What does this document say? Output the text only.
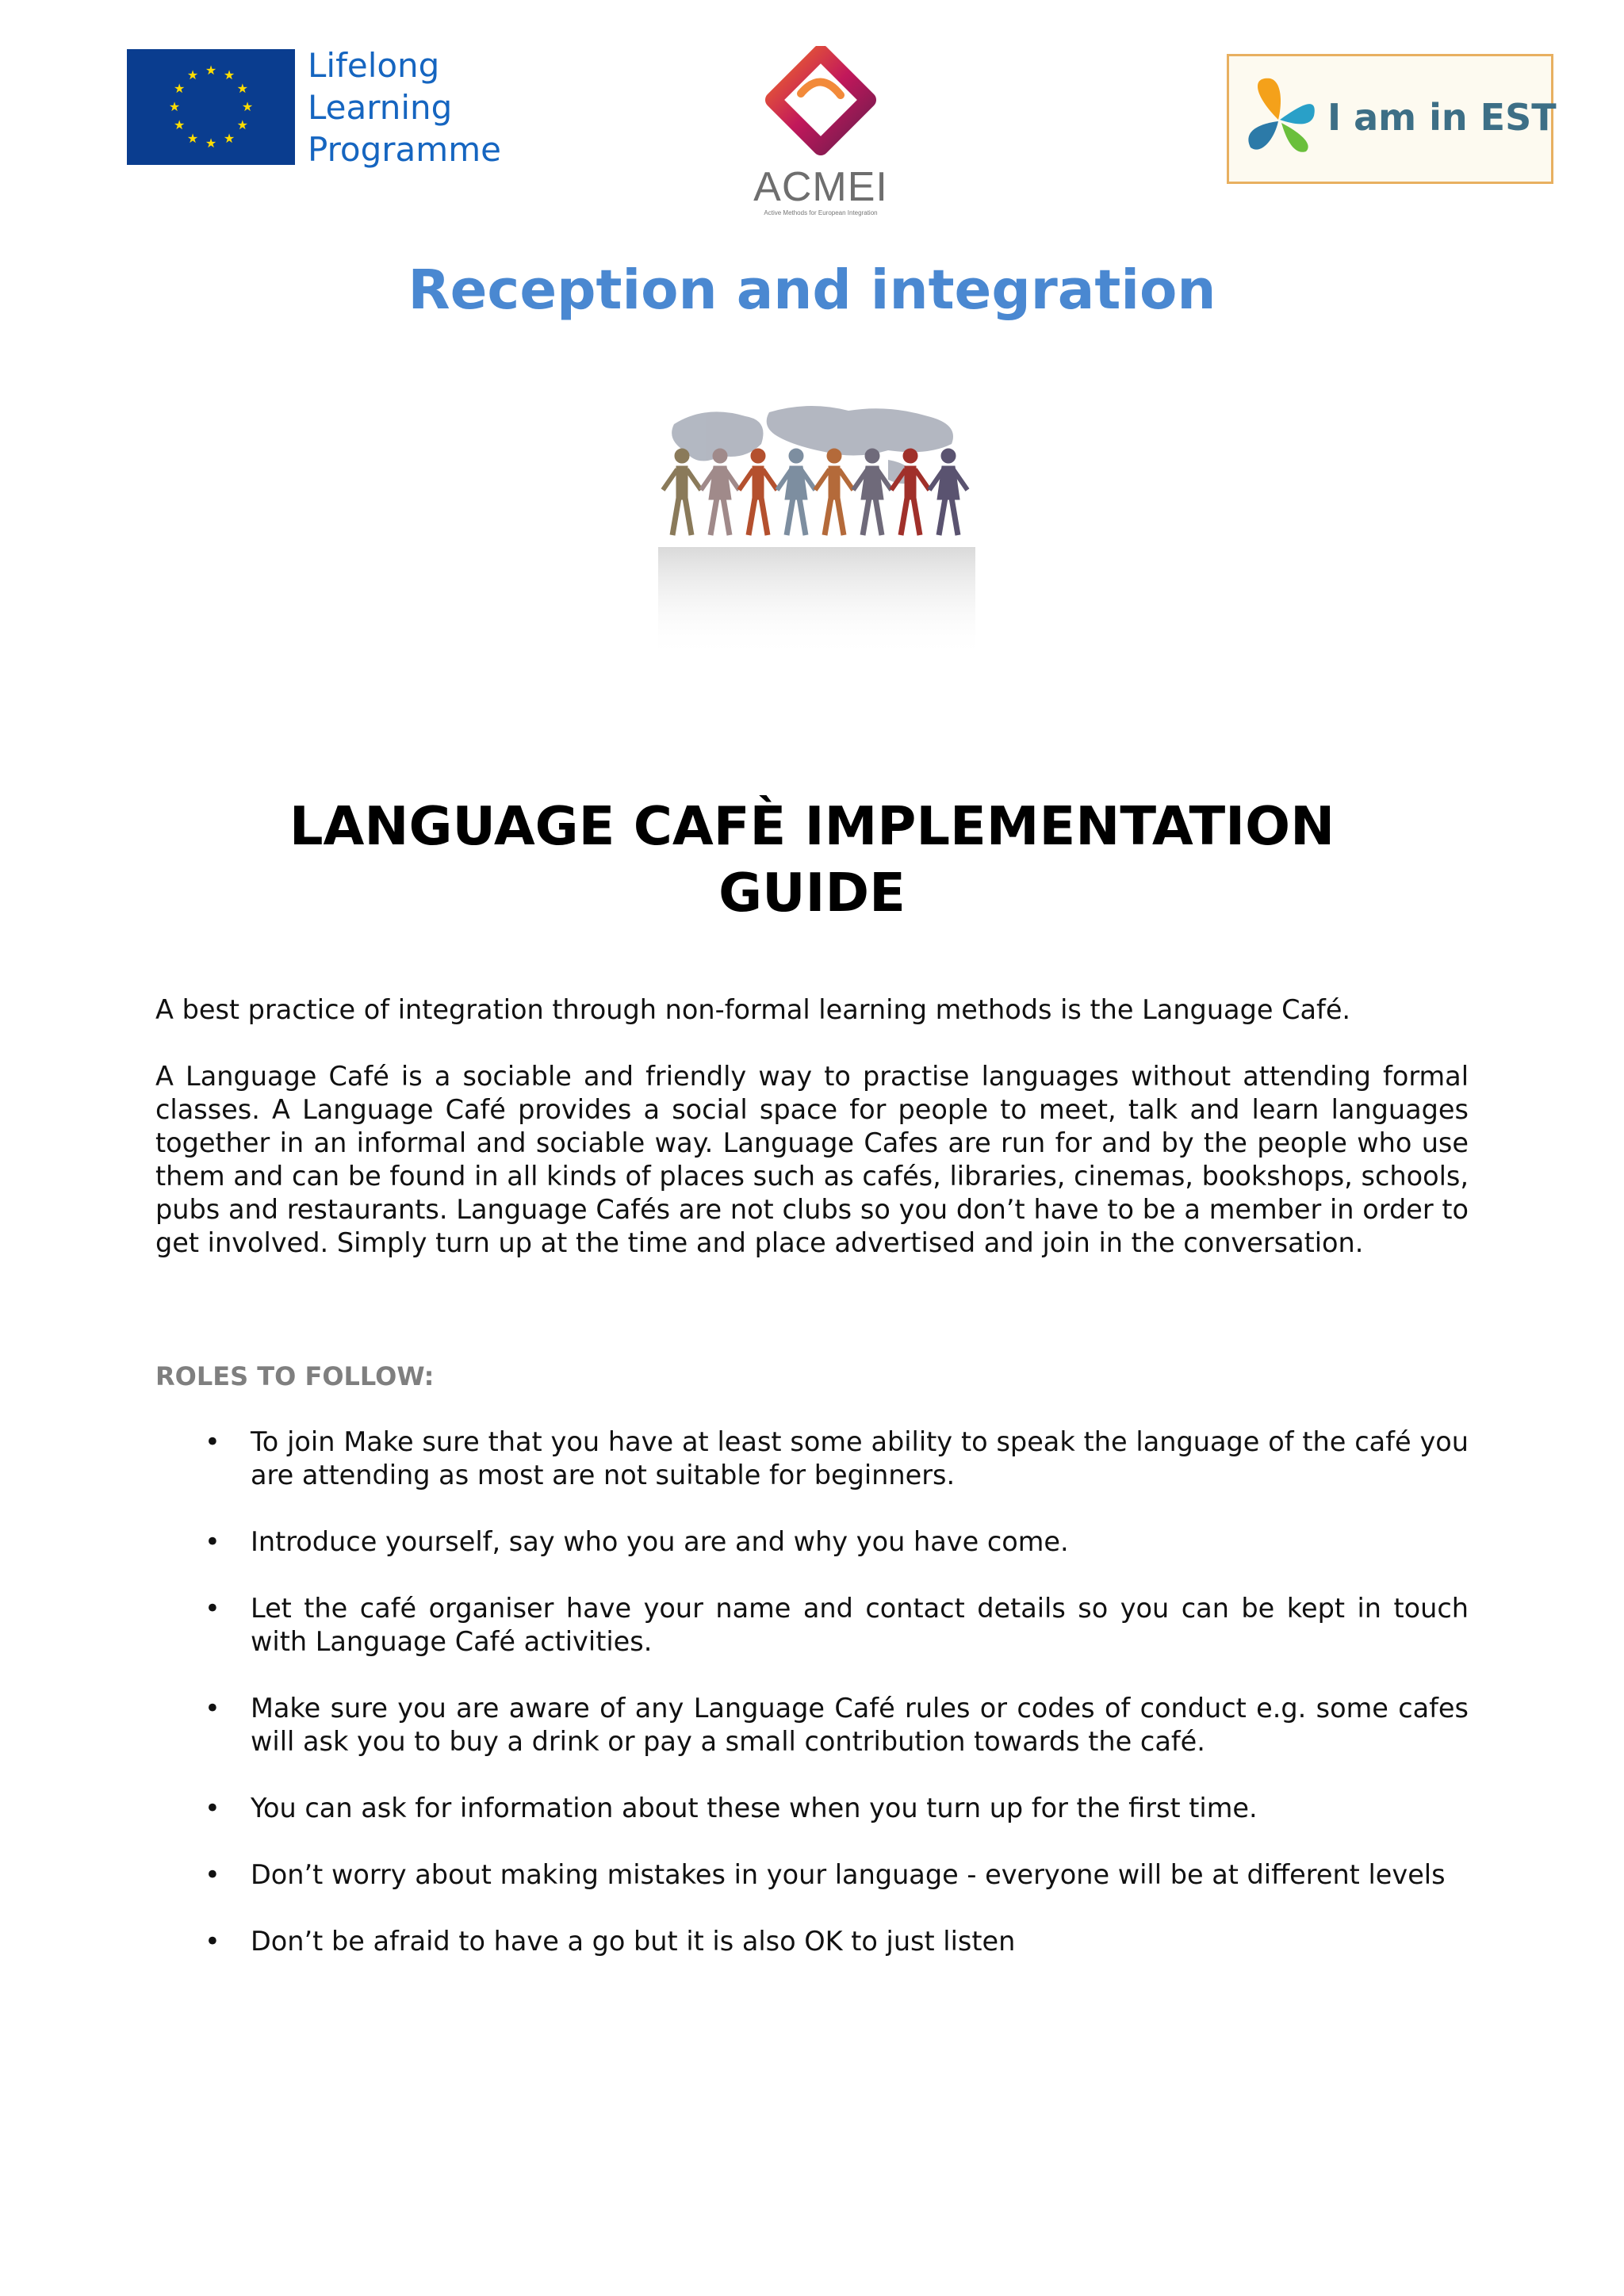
★ ★
★
★
★
★
★
★
★
★
★
★	Lifelong
Learning
Programme
ACMEI
Active Methods for European Integration
I am in EST
Reception and integration
LANGUAGE CAFÈ IMPLEMENTATION
GUIDE

A best practice of integration through non-formal learning methods is the Language Café.

A Language Café is a sociable and friendly way to practise languages without attending formal classes. A Language Café provides a social space for people to meet, talk and learn languages together in an informal and sociable way. Language Cafes are run for and by the people who use them and can be found in all kinds of places such as cafés, libraries, cinemas, bookshops, schools, pubs and restaurants. Language Cafés are not clubs so you don’t have to be a member in order to get involved. Simply turn up at the time and place advertised and join in the conversation.

ROLES TO FOLLOW:
• To join Make sure that you have at least some ability to speak the language of the café you are attending as most are not suitable for beginners.
• Introduce yourself, say who you are and why you have come.
• Let the café organiser have your name and contact details so you can be kept in touch with Language Café activities.
• Make sure you are aware of any Language Café rules or codes of conduct e.g. some cafes will ask you to buy a drink or pay a small contribution towards the café.
• You can ask for information about these when you turn up for the first time.
• Don’t worry about making mistakes in your language - everyone will be at different levels
• Don’t be afraid to have a go but it is also OK to just listen
